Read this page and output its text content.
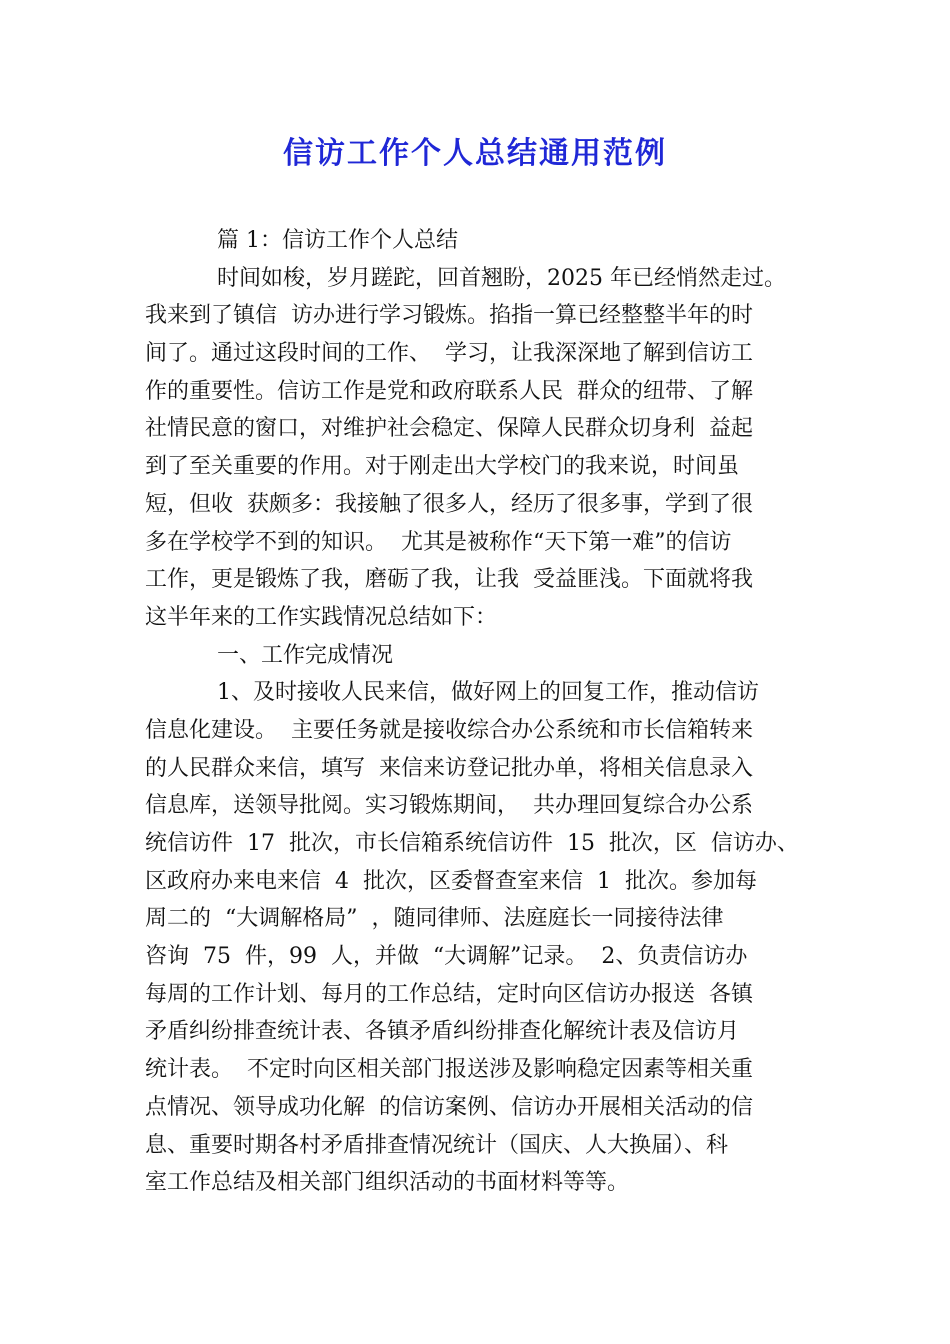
信访工作个人总结通用范例
篇 1：信访工作个人总结
时间如梭，岁月蹉跎，回首翘盼，2025 年已经悄然走过。
我来到了镇信  访办进行学习锻炼。掐指一算已经整整半年的时
间了。通过这段时间的工作、  学习，让我深深地了解到信访工
作的重要性。信访工作是党和政府联系人民  群众的纽带、了解
社情民意的窗口，对维护社会稳定、保障人民群众切身利  益起
到了至关重要的作用。对于刚走出大学校门的我来说，时间虽
短，但收  获颇多：我接触了很多人，经历了很多事，学到了很
多在学校学不到的知识。  尤其是被称作“天下第一难”的信访
工作，更是锻炼了我，磨砺了我，让我  受益匪浅。下面就将我
这半年来的工作实践情况总结如下：
一、工作完成情况
1、及时接收人民来信，做好网上的回复工作，推动信访
信息化建设。  主要任务就是接收综合办公系统和市长信箱转来
的人民群众来信，填写  来信来访登记批办单，将相关信息录入
信息库，送领导批阅。实习锻炼期间，  共办理回复综合办公系
统信访件  17  批次，市长信箱系统信访件  15  批次，区  信访办、
区政府办来电来信  4  批次，区委督查室来信  1  批次。参加每
周二的  “大调解格局”  ，随同律师、法庭庭长一同接待法律
咨询  75  件，99  人，并做  “大调解”记录。  2、负责信访办
每周的工作计划、每月的工作总结，定时向区信访办报送  各镇
矛盾纠纷排查统计表、各镇矛盾纠纷排查化解统计表及信访月
统计表。  不定时向区相关部门报送涉及影响稳定因素等相关重
点情况、领导成功化解  的信访案例、信访办开展相关活动的信
息、重要时期各村矛盾排查情况统计（国庆、人大换届）、科
室工作总结及相关部门组织活动的书面材料等等。
